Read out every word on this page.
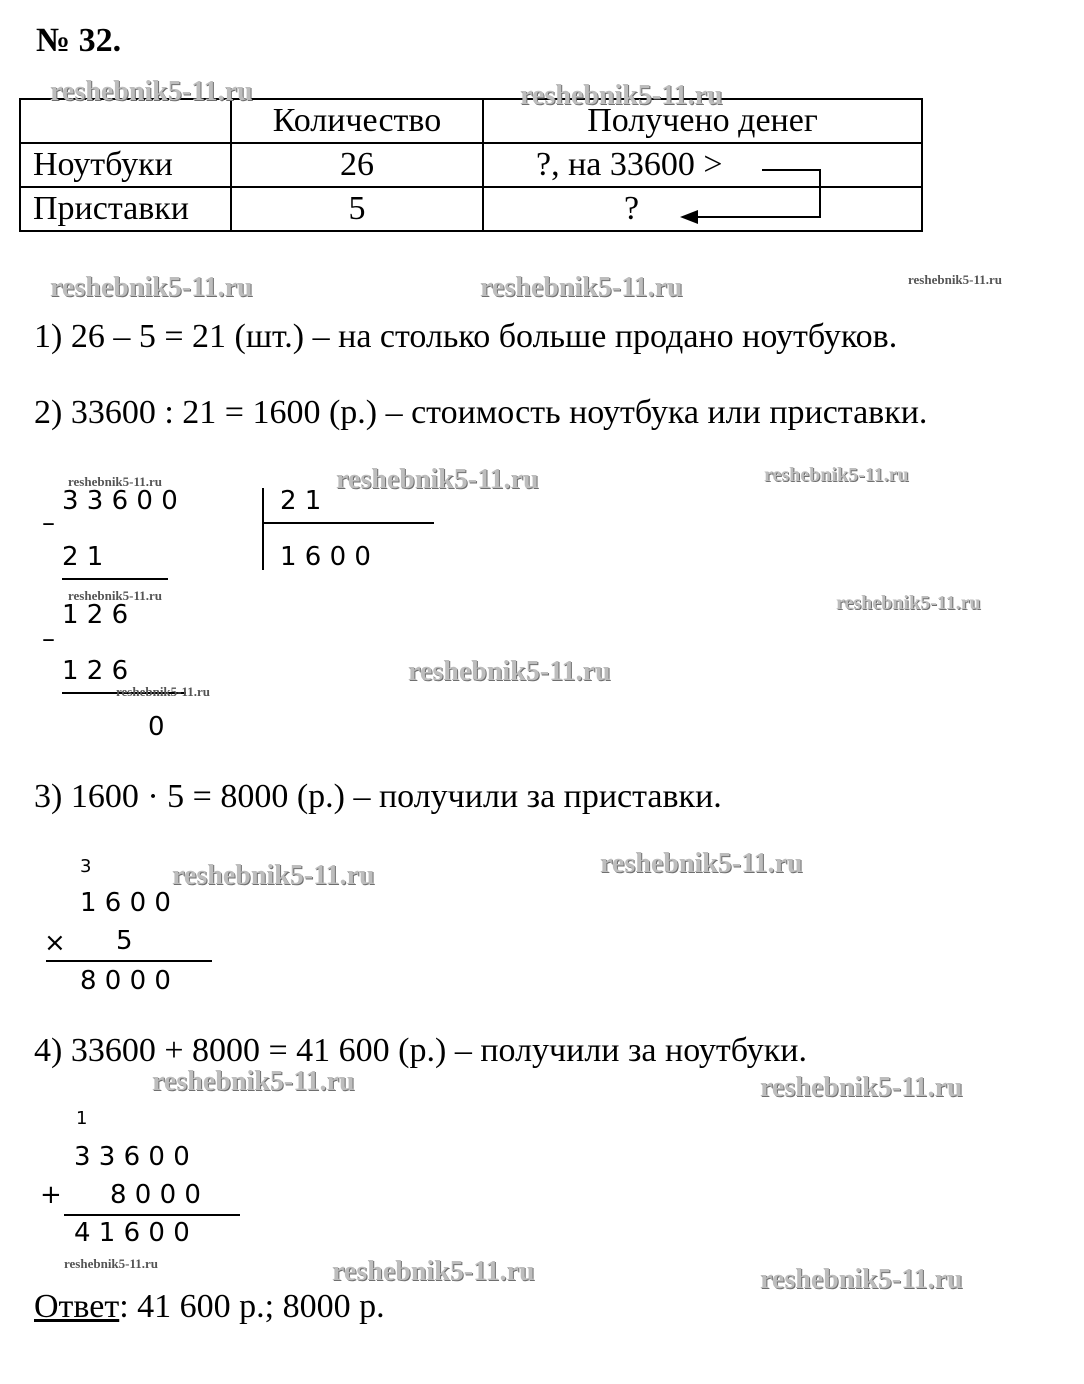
№ 32.
	Количество	Получено денег
Ноутбуки	26	?, на 33600 >
Приставки	5	?
1) 26 – 5 = 21 (шт.) – на столько больше продано ноутбуков.
2) 33600 : 21 = 1600 (р.) – стоимость ноутбука или приставки.
3 3 6 0 0	2 1
1 6 0 0
–
2 1
1 2 6
–
1 2 6
0
3) 1600 · 5 = 8000 (р.) – получили за приставки.
3
1 6 0 0
× 5
8 0 0 0
4) 33600 + 8000 = 41 600 (р.) – получили за ноутбуки.
1
3 3 6 0 0
+ 8 0 0 0
4 1 6 0 0
Ответ: 41 600 р.; 8000 р.
reshebnik5-11.ru	reshebnik5-11.ru
reshebnik5-11.ru	reshebnik5-11.ru	reshebnik5-11.ru
reshebnik5-11.ru	reshebnik5-11.ru	reshebnik5-11.ru
reshebnik5-11.ru	reshebnik5-11.ru
reshebnik5-11.ru
reshebnik5-11.ru
reshebnik5-11.ru
reshebnik5-11.ru
reshebnik5-11.ru	reshebnik5-11.ru
reshebnik5-11.ru	reshebnik5-11.ru	reshebnik5-11.ru
